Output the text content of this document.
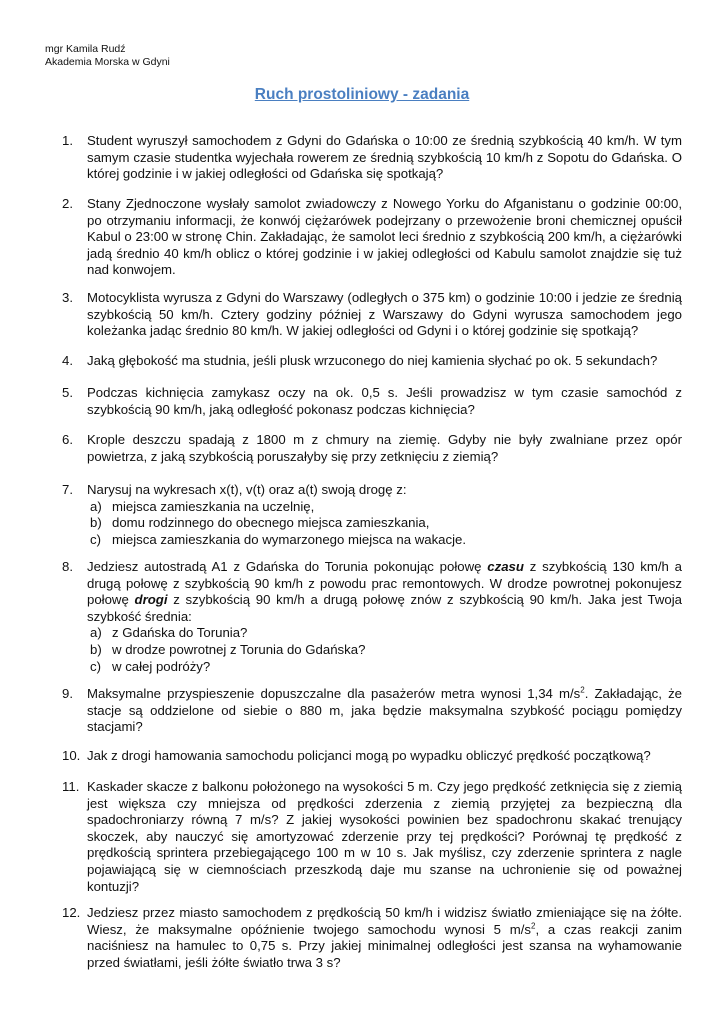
mgr Kamila Rudź
Akademia Morska w Gdyni
Ruch prostoliniowy - zadania
1.	Student wyruszył samochodem z Gdyni do Gdańska o 10:00 ze średnią szybkością 40 km/h. W tym samym czasie studentka wyjechała rowerem ze średnią szybkością 10 km/h z Sopotu do Gdańska. O której godzinie i w jakiej odległości od Gdańska się spotkają?
2.	Stany Zjednoczone wysłały samolot zwiadowczy z Nowego Yorku do Afganistanu o godzinie 00:00, po otrzymaniu informacji, że konwój ciężarówek podejrzany o przewożenie broni chemicznej opuścił Kabul o 23:00 w stronę Chin. Zakładając, że samolot leci średnio z szybkością 200 km/h, a ciężarówki jadą średnio 40 km/h oblicz o której godzinie i w jakiej odległości od Kabulu samolot znajdzie się tuż nad konwojem.
3.	Motocyklista wyrusza z Gdyni do Warszawy (odległych o 375 km) o godzinie 10:00 i jedzie ze średnią szybkością 50 km/h. Cztery godziny później z Warszawy do Gdyni wyrusza samochodem jego koleżanka jadąc średnio 80 km/h. W jakiej odległości od Gdyni i o której godzinie się spotkają?
4.	Jaką głębokość ma studnia, jeśli plusk wrzuconego do niej kamienia słychać po ok. 5 sekundach?
5.	Podczas kichnięcia zamykasz oczy na ok. 0,5 s. Jeśli prowadzisz w tym czasie samochód z szybkością 90 km/h, jaką odległość pokonasz podczas kichnięcia?
6.	Krople deszczu spadają z 1800 m z chmury na ziemię. Gdyby nie były zwalniane przez opór powietrza, z jaką szybkością poruszałyby się przy zetknięciu z ziemią?
7.	Narysuj na wykresach x(t), v(t) oraz a(t) swoją drogę z:
a) miejsca zamieszkania na uczelnię,
b) domu rodzinnego do obecnego miejsca zamieszkania,
c) miejsca zamieszkania do wymarzonego miejsca na wakacje.
8.	Jedziesz autostradą A1 z Gdańska do Torunia pokonując połowę czasu z szybkością 130 km/h a drugą połowę z szybkością 90 km/h z powodu prac remontowych. W drodze powrotnej pokonujesz połowę drogi z szybkością 90 km/h a drugą połowę znów z szybkością 90 km/h. Jaka jest Twoja szybkość średnia:
a) z Gdańska do Torunia?
b) w drodze powrotnej z Torunia do Gdańska?
c) w całej podróży?
9.	Maksymalne przyspieszenie dopuszczalne dla pasażerów metra wynosi 1,34 $m/s^2$. Zakładając, że stacje są oddzielone od siebie o 880 m, jaka będzie maksymalna szybkość pociągu pomiędzy stacjami?
10. Jak z drogi hamowania samochodu policjanci mogą po wypadku obliczyć prędkość początkową?
11. Kaskader skacze z balkonu położonego na wysokości 5 m. Czy jego prędkość zetknięcia się z ziemią jest większa czy mniejsza od prędkości zderzenia z ziemią przyjętej za bezpieczną dla spadochroniarzy równą 7 m/s? Z jakiej wysokości powinien bez spadochronu skakać trenujący skoczek, aby nauczyć się amortyzować zderzenie przy tej prędkości? Porównaj tę prędkość z prędkością sprintera przebiegającego 100 m w 10 s. Jak myślisz, czy zderzenie sprintera z nagle pojawiającą się w ciemnościach przeszkodą daje mu szanse na uchronienie się od poważnej kontuzji?
12. Jedziesz przez miasto samochodem z prędkością 50 km/h i widzisz światło zmieniające się na żółte. Wiesz, że maksymalne opóźnienie twojego samochodu wynosi 5 $m/s^2$, a czas reakcji zanim naciśniesz na hamulec to 0,75 s. Przy jakiej minimalnej odległości jest szansa na wyhamowanie przed światłami, jeśli żółte światło trwa 3 s?
